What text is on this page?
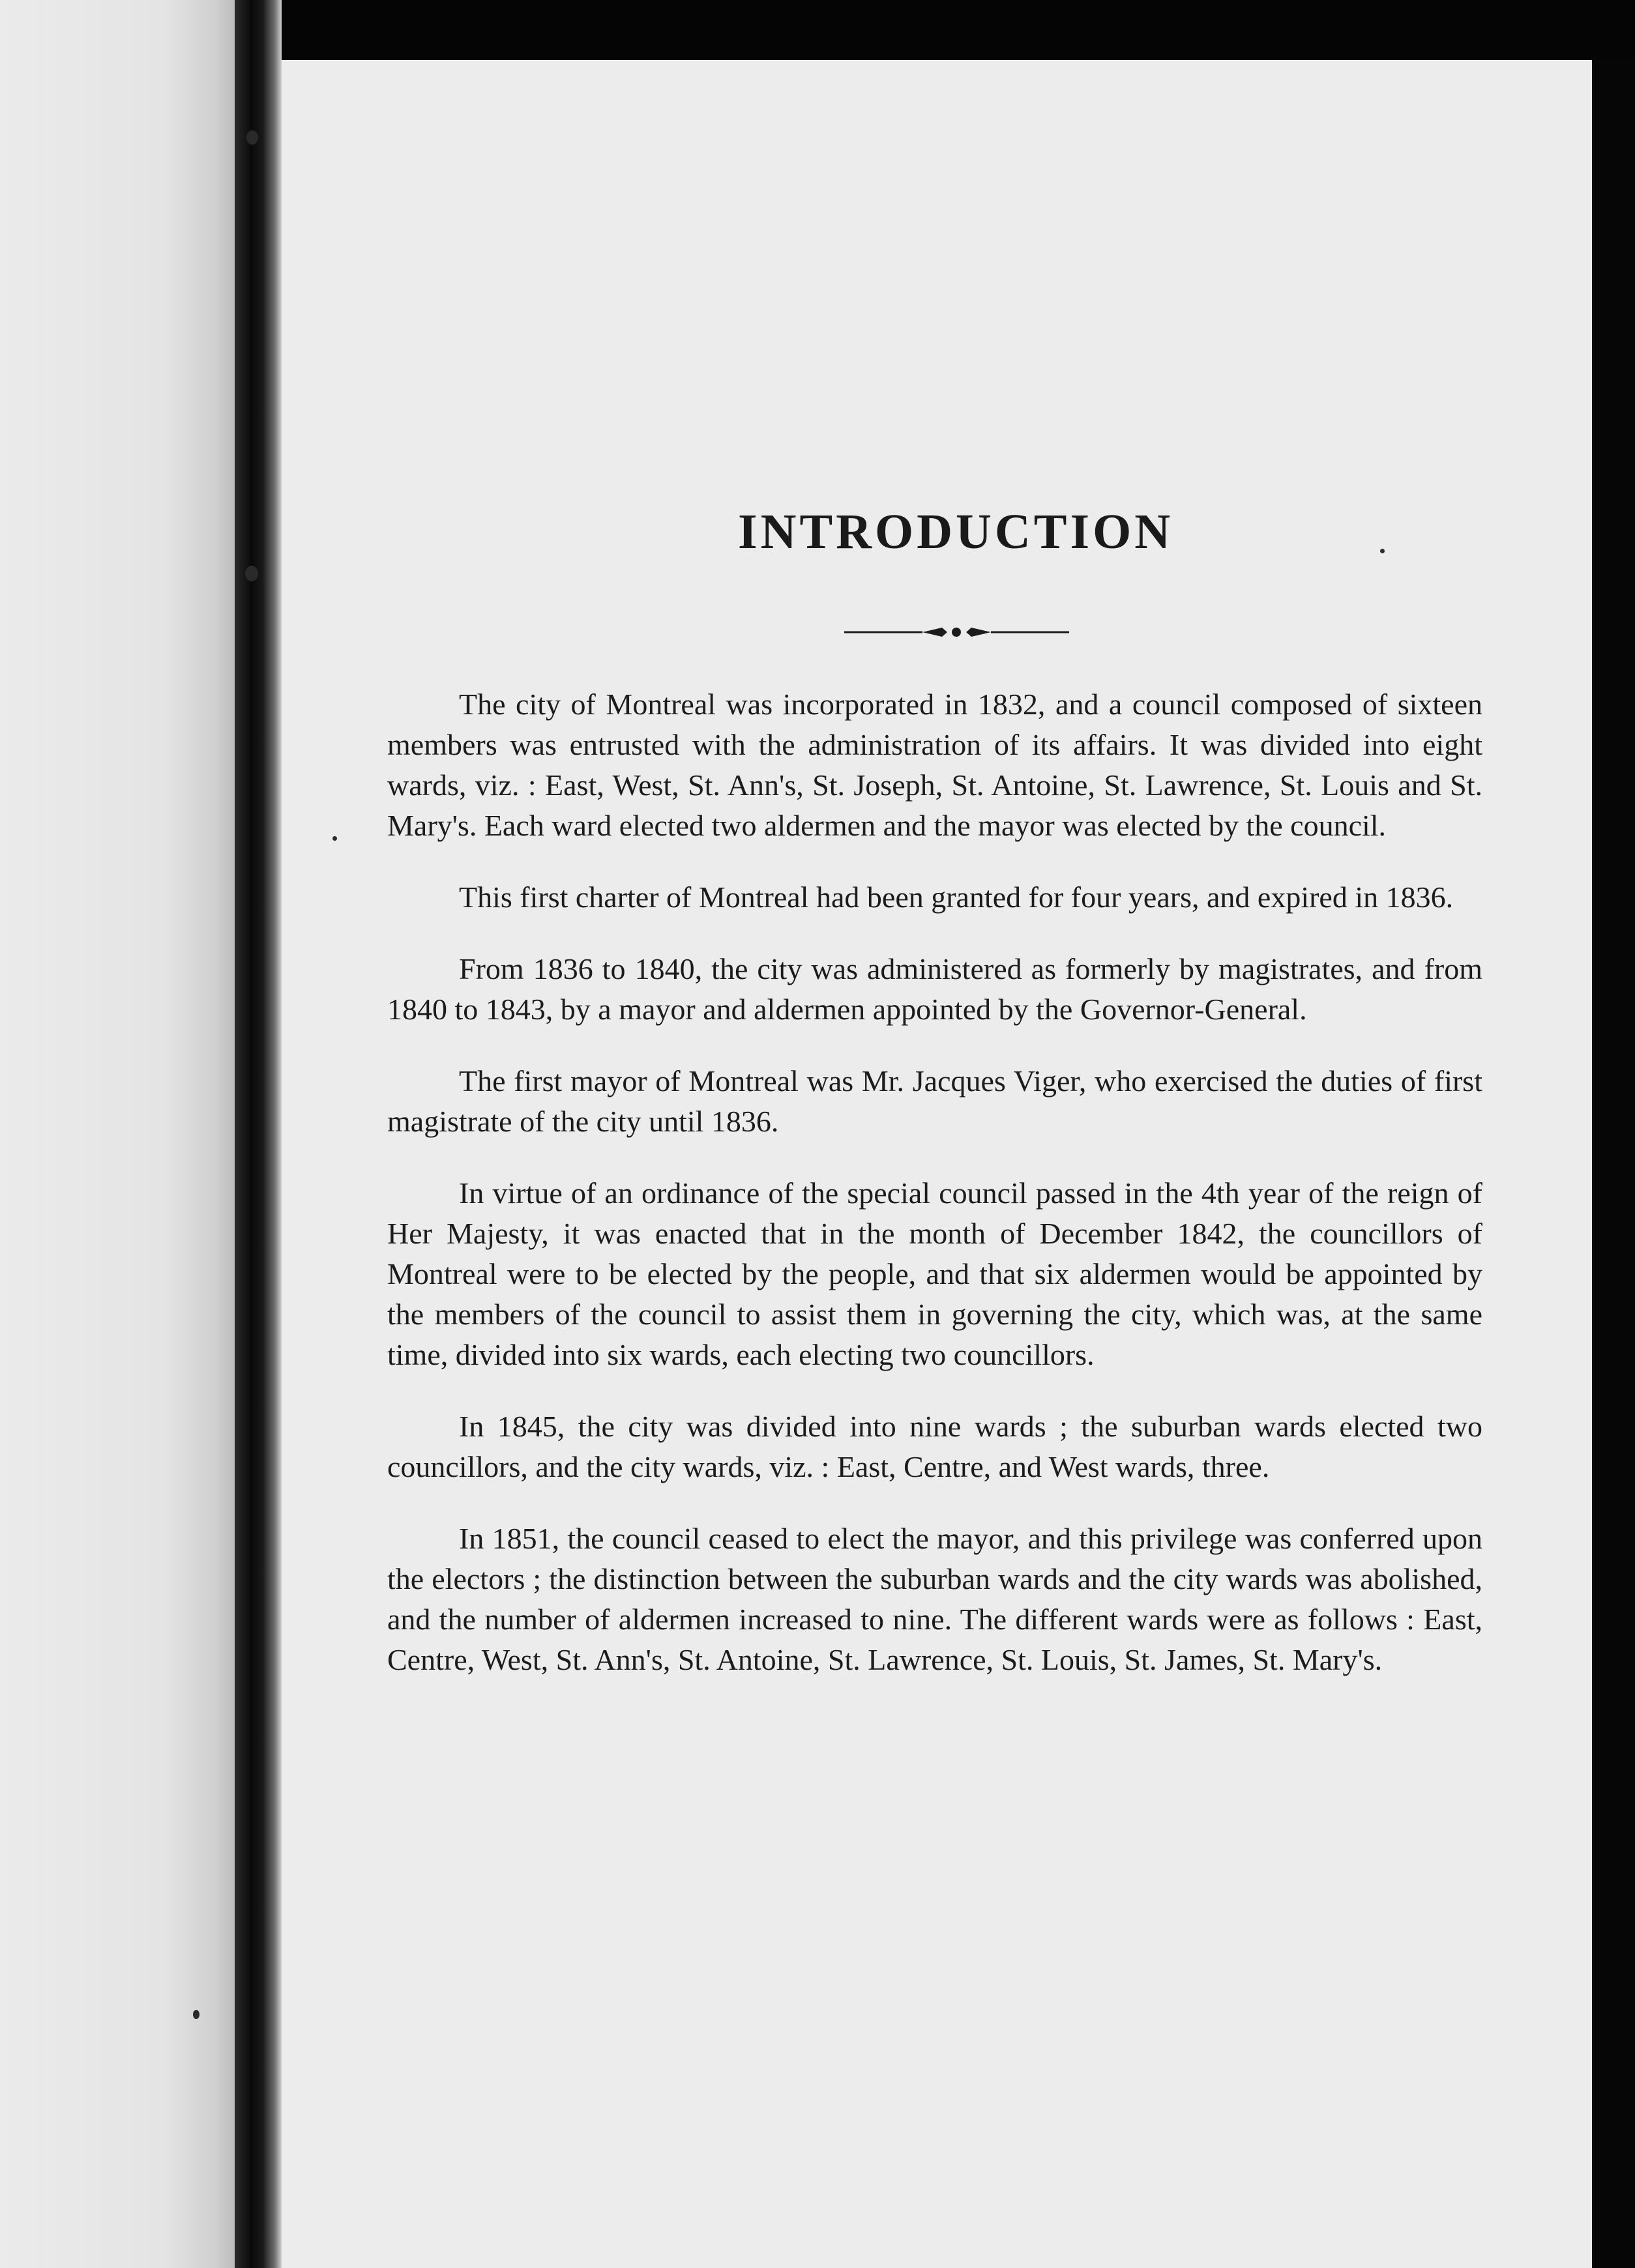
INTRODUCTION

The city of Montreal was incorporated in 1832, and a council composed of sixteen members was entrusted with the administration of its affairs. It was divided into eight wards, viz. : East, West, St. Ann's, St. Joseph, St. Antoine, St. Lawrence, St. Louis and St. Mary's. Each ward elected two aldermen and the mayor was elected by the council.

This first charter of Montreal had been granted for four years, and expired in 1836.

From 1836 to 1840, the city was administered as formerly by magistrates, and from 1840 to 1843, by a mayor and aldermen appointed by the Governor-General.

The first mayor of Montreal was Mr. Jacques Viger, who exercised the duties of first magistrate of the city until 1836.

In virtue of an ordinance of the special council passed in the 4th year of the reign of Her Majesty, it was enacted that in the month of December 1842, the councillors of Montreal were to be elected by the people, and that six aldermen would be appointed by the members of the council to assist them in governing the city, which was, at the same time, divided into six wards, each electing two councillors.

In 1845, the city was divided into nine wards ; the suburban wards elected two councillors, and the city wards, viz. : East, Centre, and West wards, three.

In 1851, the council ceased to elect the mayor, and this privilege was conferred upon the electors ; the distinction between the suburban wards and the city wards was abolished, and the number of aldermen increased to nine. The different wards were as follows : East, Centre, West, St. Ann's, St. Antoine, St. Lawrence, St. Louis, St. James, St. Mary's.
